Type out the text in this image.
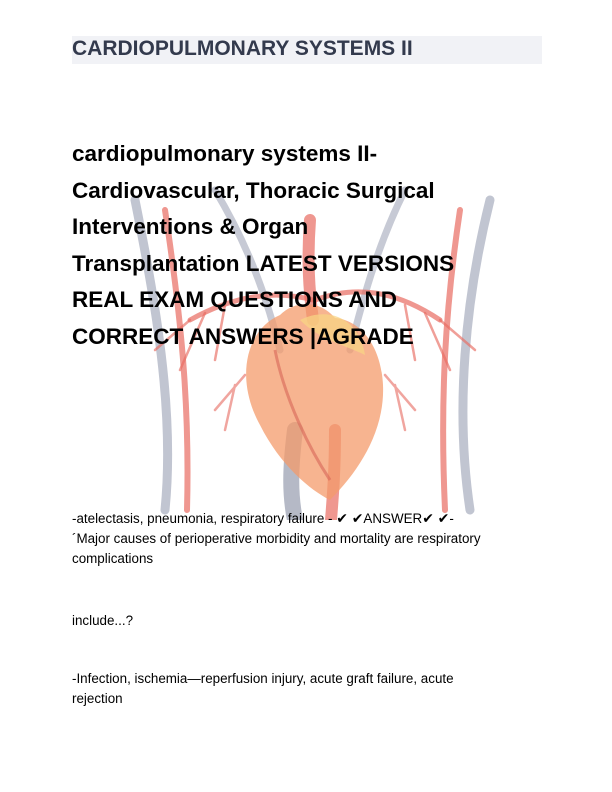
CARDIOPULMONARY SYSTEMS II
cardiopulmonary systems II-
Cardiovascular, Thoracic Surgical
Interventions & Organ
Transplantation LATEST VERSIONS
REAL EXAM QUESTIONS AND
CORRECT ANSWERS |AGRADE
-atelectasis, pneumonia, respiratory failure - ✔ ✔ANSWER✔ ✔-
´Major causes of perioperative morbidity and mortality are respiratory
complications
include...?
-Infection, ischemia—reperfusion injury, acute graft failure, acute
rejection
